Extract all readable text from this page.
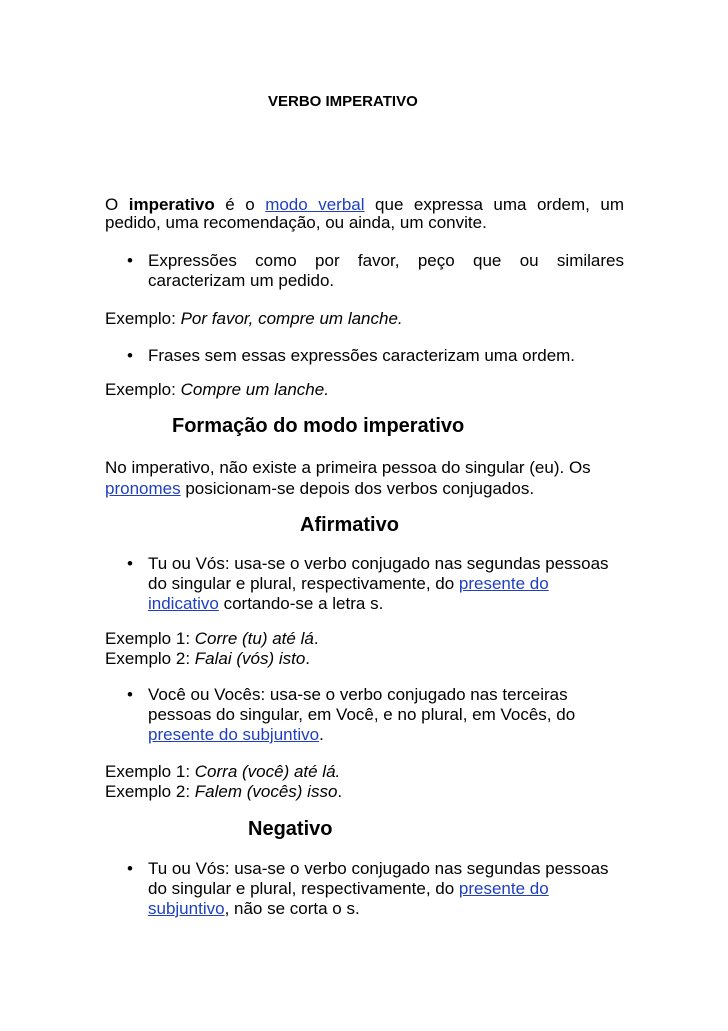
VERBO IMPERATIVO
O imperativo é o modo verbal que expressa uma ordem, um
pedido, uma recomendação, ou ainda, um convite.
•
Expressões como por favor, peço que ou similares
caracterizam um pedido.
Exemplo: Por favor, compre um lanche.
•
Frases sem essas expressões caracterizam uma ordem.
Exemplo: Compre um lanche.
Formação do modo imperativo
No imperativo, não existe a primeira pessoa do singular (eu). Os
pronomes posicionam-se depois dos verbos conjugados.
Afirmativo
•
Tu ou Vós: usa-se o verbo conjugado nas segundas pessoas
do singular e plural, respectivamente, do presente do
indicativo cortando-se a letra s.
Exemplo 1: Corre (tu) até lá.
Exemplo 2: Falai (vós) isto.
•
Você ou Vocês: usa-se o verbo conjugado nas terceiras
pessoas do singular, em Você, e no plural, em Vocês, do
presente do subjuntivo.
Exemplo 1: Corra (você) até lá.
Exemplo 2: Falem (vocês) isso.
Negativo
•
Tu ou Vós: usa-se o verbo conjugado nas segundas pessoas
do singular e plural, respectivamente, do presente do
subjuntivo, não se corta o s.
